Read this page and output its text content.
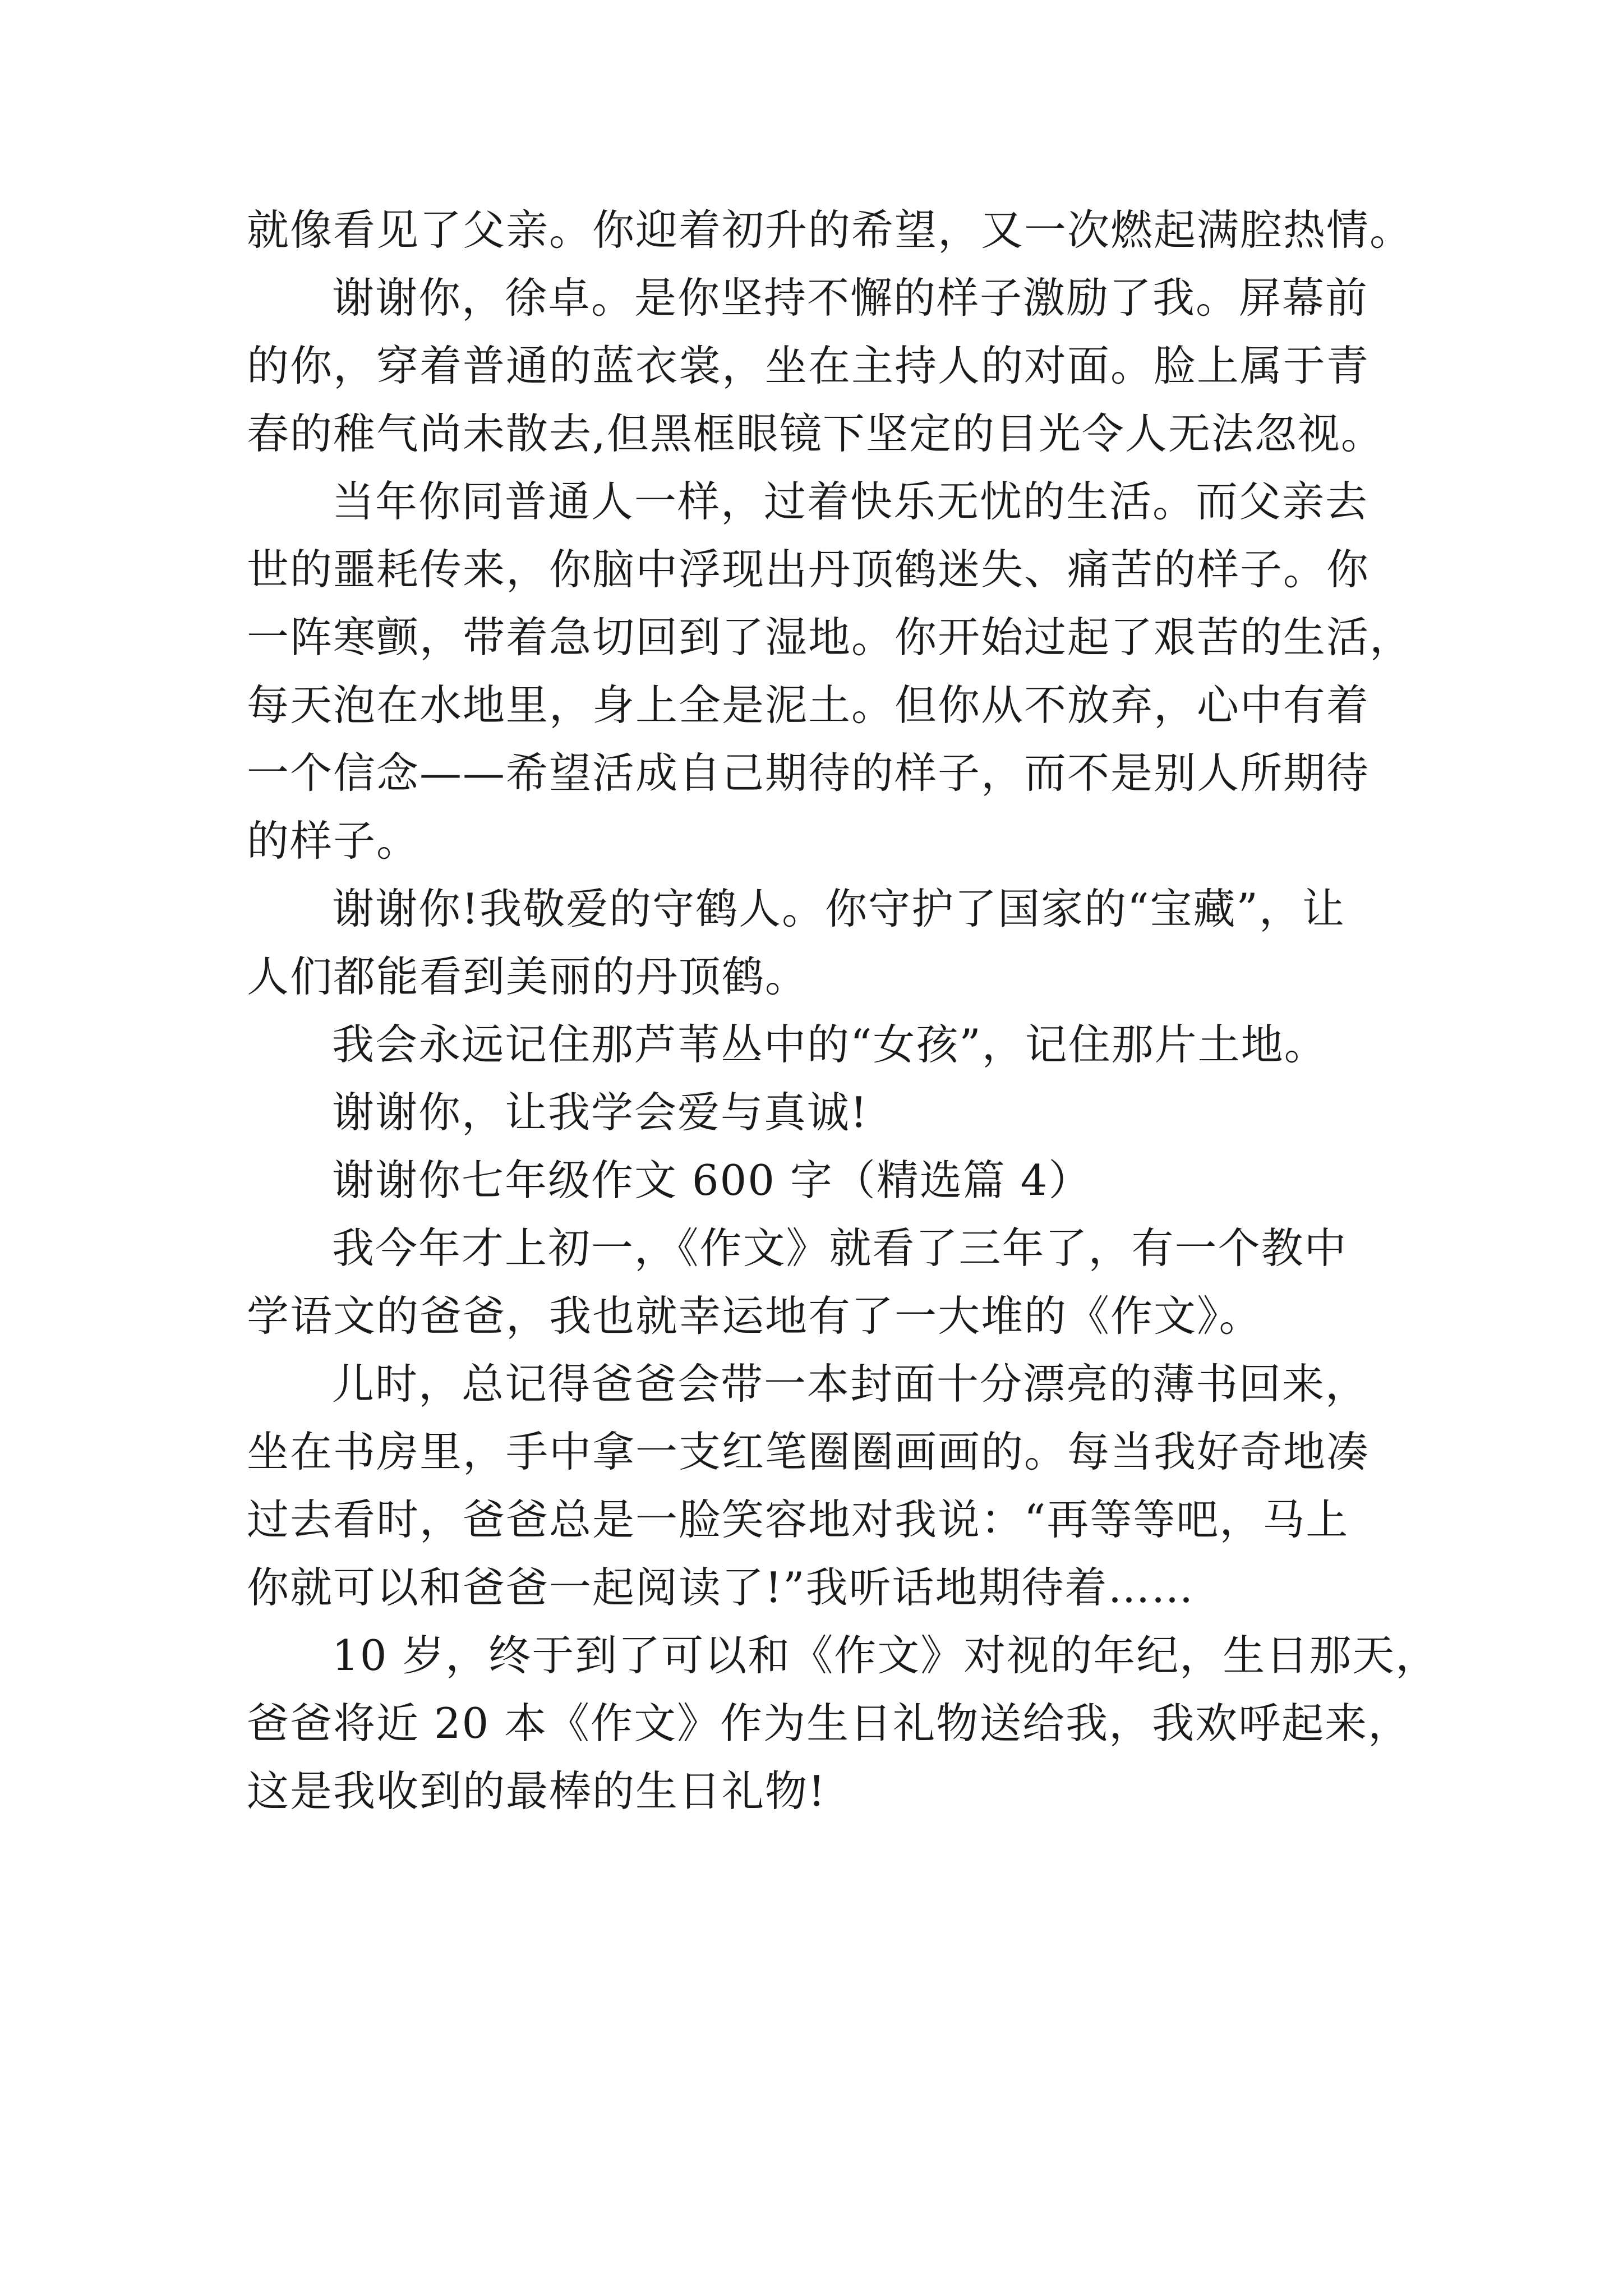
就像看见了父亲。你迎着初升的希望，又一次燃起满腔热情。
谢谢你，徐卓。是你坚持不懈的样子激励了我。屏幕前
的你，穿着普通的蓝衣裳，坐在主持人的对面。脸上属于青
春的稚气尚未散去,但黑框眼镜下坚定的目光令人无法忽视。
当年你同普通人一样，过着快乐无忧的生活。而父亲去
世的噩耗传来，你脑中浮现出丹顶鹤迷失、痛苦的样子。你
一阵寒颤，带着急切回到了湿地。你开始过起了艰苦的生活，
每天泡在水地里，身上全是泥土。但你从不放弃，心中有着
一个信念——希望活成自己期待的样子，而不是别人所期待
的样子。
谢谢你!我敬爱的守鹤人。你守护了国家的“宝藏”，让
人们都能看到美丽的丹顶鹤。
我会永远记住那芦苇丛中的“女孩”，记住那片土地。
谢谢你，让我学会爱与真诚!
谢谢你七年级作文 600 字（精选篇 4）
我今年才上初一，《作文》就看了三年了，有一个教中
学语文的爸爸，我也就幸运地有了一大堆的《作文》。
儿时，总记得爸爸会带一本封面十分漂亮的薄书回来，
坐在书房里，手中拿一支红笔圈圈画画的。每当我好奇地凑
过去看时，爸爸总是一脸笑容地对我说：“再等等吧，马上
你就可以和爸爸一起阅读了!”我听话地期待着……
10 岁，终于到了可以和《作文》对视的年纪，生日那天，
爸爸将近 20 本《作文》作为生日礼物送给我，我欢呼起来，
这是我收到的最棒的生日礼物!
